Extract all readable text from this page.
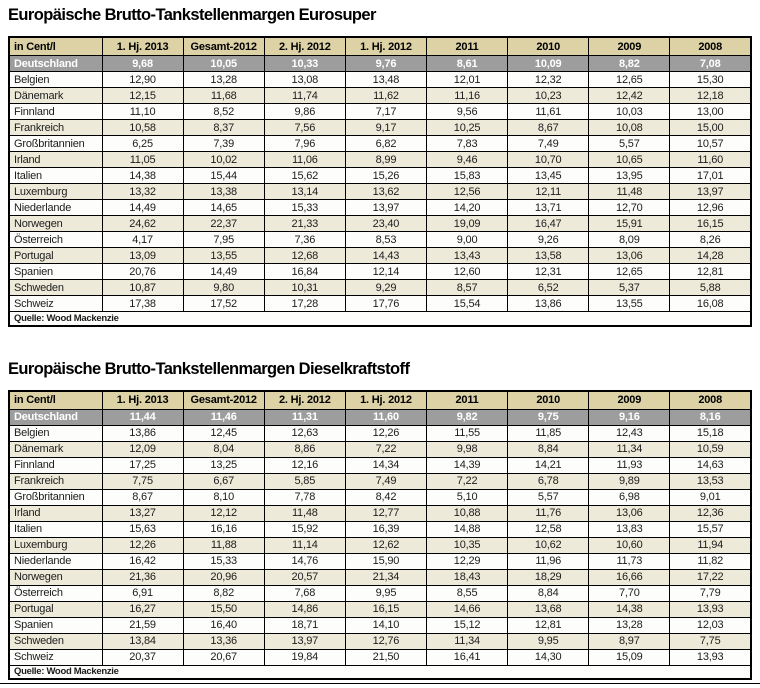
Europäische Brutto-Tankstellenmargen Eurosuper
in Cent/l	1. Hj. 2013	Gesamt-2012	2. Hj. 2012	1. Hj. 2012	2011	2010	2009	2008
Deutschland	9,68	10,05	10,33	9,76	8,61	10,09	8,82	7,08
Belgien	12,90	13,28	13,08	13,48	12,01	12,32	12,65	15,30
Dänemark	12,15	11,68	11,74	11,62	11,16	10,23	12,42	12,18
Finnland	11,10	8,52	9,86	7,17	9,56	11,61	10,03	13,00
Frankreich	10,58	8,37	7,56	9,17	10,25	8,67	10,08	15,00
Großbritannien	6,25	7,39	7,96	6,82	7,83	7,49	5,57	10,57
Irland	11,05	10,02	11,06	8,99	9,46	10,70	10,65	11,60
Italien	14,38	15,44	15,62	15,26	15,83	13,45	13,95	17,01
Luxemburg	13,32	13,38	13,14	13,62	12,56	12,11	11,48	13,97
Niederlande	14,49	14,65	15,33	13,97	14,20	13,71	12,70	12,96
Norwegen	24,62	22,37	21,33	23,40	19,09	16,47	15,91	16,15
Österreich	4,17	7,95	7,36	8,53	9,00	9,26	8,09	8,26
Portugal	13,09	13,55	12,68	14,43	13,43	13,58	13,06	14,28
Spanien	20,76	14,49	16,84	12,14	12,60	12,31	12,65	12,81
Schweden	10,87	9,80	10,31	9,29	8,57	6,52	5,37	5,88
Schweiz	17,38	17,52	17,28	17,76	15,54	13,86	13,55	16,08
Quelle: Wood Mackenzie								
Europäische Brutto-Tankstellenmargen Dieselkraftstoff
in Cent/l	1. Hj. 2013	Gesamt-2012	2. Hj. 2012	1. Hj. 2012	2011	2010	2009	2008
Deutschland	11,44	11,46	11,31	11,60	9,82	9,75	9,16	8,16
Belgien	13,86	12,45	12,63	12,26	11,55	11,85	12,43	15,18
Dänemark	12,09	8,04	8,86	7,22	9,98	8,84	11,34	10,59
Finnland	17,25	13,25	12,16	14,34	14,39	14,21	11,93	14,63
Frankreich	7,75	6,67	5,85	7,49	7,22	6,78	9,89	13,53
Großbritannien	8,67	8,10	7,78	8,42	5,10	5,57	6,98	9,01
Irland	13,27	12,12	11,48	12,77	10,88	11,76	13,06	12,36
Italien	15,63	16,16	15,92	16,39	14,88	12,58	13,83	15,57
Luxemburg	12,26	11,88	11,14	12,62	10,35	10,62	10,60	11,94
Niederlande	16,42	15,33	14,76	15,90	12,29	11,96	11,73	11,82
Norwegen	21,36	20,96	20,57	21,34	18,43	18,29	16,66	17,22
Österreich	6,91	8,82	7,68	9,95	8,55	8,84	7,70	7,79
Portugal	16,27	15,50	14,86	16,15	14,66	13,68	14,38	13,93
Spanien	21,59	16,40	18,71	14,10	15,12	12,81	13,28	12,03
Schweden	13,84	13,36	13,97	12,76	11,34	9,95	8,97	7,75
Schweiz	20,37	20,67	19,84	21,50	16,41	14,30	15,09	13,93
Quelle: Wood Mackenzie								
